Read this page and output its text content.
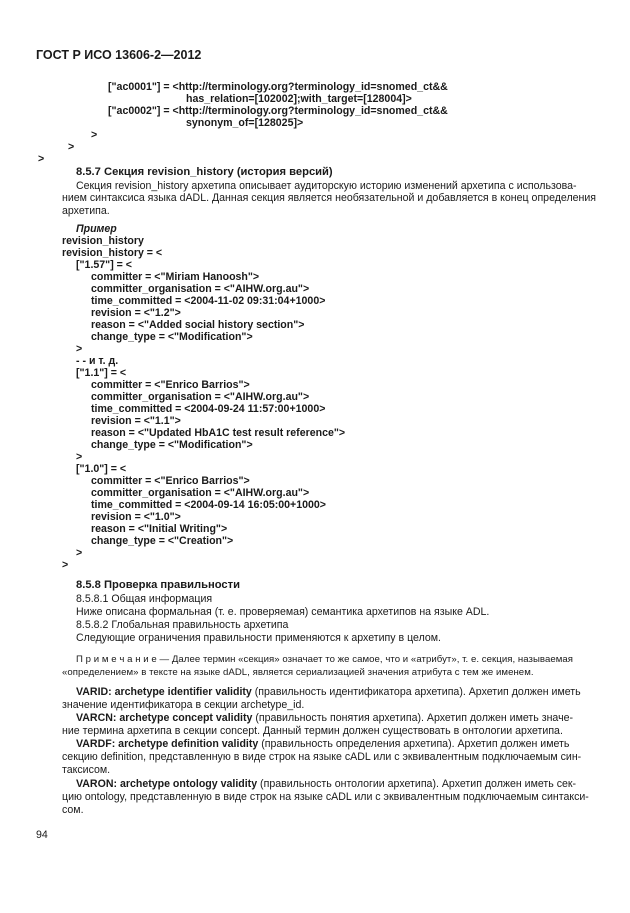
ГОСТ Р ИСО 13606-2—2012
["ac0001"] = <http://terminology.org?terminology_id=snomed_ct&&
has_relation=[102002];with_target=[128004]>
["ac0002"] = <http://terminology.org?terminology_id=snomed_ct&&
synonym_of=[128025]>
>
>
>
8.5.7 Секция revision_history (история версий)
Секция revision_history архетипа описывает аудиторскую историю изменений архетипа с использова-
нием синтаксиса языка dADL. Данная секция является необязательной и добавляется в конец определения
архетипа.
Пример
revision_history
revision_history = <
["1.57"] = <
committer = <"Miriam Hanoosh">
committer_organisation = <"AIHW.org.au">
time_committed = <2004-11-02 09:31:04+1000>
revision = <"1.2">
reason = <"Added social history section">
change_type = <"Modification">
>
- - и т. д.
["1.1"] = <
committer = <"Enrico Barrios">
committer_organisation = <"AIHW.org.au">
time_committed = <2004-09-24 11:57:00+1000>
revision = <"1.1">
reason = <"Updated HbA1C test result reference">
change_type = <"Modification">
>
["1.0"] = <
committer = <"Enrico Barrios">
committer_organisation = <"AIHW.org.au">
time_committed = <2004-09-14 16:05:00+1000>
revision = <"1.0">
reason = <"Initial Writing">
change_type = <"Creation">
>
>
8.5.8 Проверка правильности
8.5.8.1 Общая информация
Ниже описана формальная (т. е. проверяемая) семантика архетипов на языке ADL.
8.5.8.2 Глобальная правильность архетипа
Следующие ограничения правильности применяются к архетипу в целом.
П р и м е ч а н и е — Далее термин «секция» означает то же самое, что и «атрибут», т. е. секция, называемая
«определением» в тексте на языке dADL, является сериализацией значения атрибута с тем же именем.
VARID: archetype identifier validity (правильность идентификатора архетипа). Архетип должен иметь
значение идентификатора в секции archetype_id.
VARCN: archetype concept validity (правильность понятия архетипа). Архетип должен иметь значе-
ние термина архетипа в секции concept. Данный термин должен существовать в онтологии архетипа.
VARDF: archetype definition validity (правильность определения архетипа). Архетип должен иметь
секцию definition, представленную в виде строк на языке cADL или с эквивалентным подключаемым син-
таксисом.
VARON: archetype ontology validity (правильность онтологии архетипа). Архетип должен иметь сек-
цию ontology, представленную в виде строк на языке cADL или с эквивалентным подключаемым синтакси-
сом.
94
